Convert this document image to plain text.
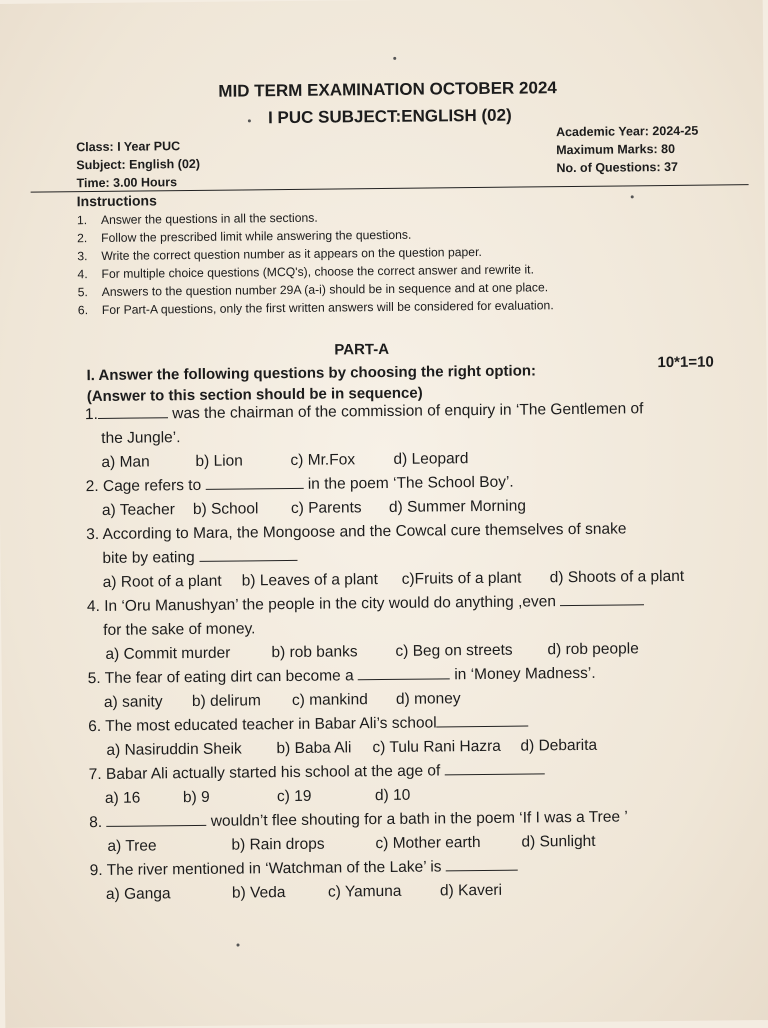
MID TERM EXAMINATION OCTOBER 2024
I PUC SUBJECT:ENGLISH (02)
Class: I Year PUC
Subject: English (02)
Time: 3.00 Hours
Academic Year: 2024-25
Maximum Marks: 80
No. of Questions: 37
Instructions
1. Answer the questions in all the sections.
2. Follow the prescribed limit while answering the questions.
3. Write the correct question number as it appears on the question paper.
4. For multiple choice questions (MCQ's), choose the correct answer and rewrite it.
5. Answers to the question number 29A (a-i) should be in sequence and at one place.
6. For Part-A questions, only the first written answers will be considered for evaluation.
PART-A
I. Answer the following questions by choosing the right option:
(Answer to this section should be in sequence)
10*1=10
1.	was the chairman of the commission of enquiry in ‘The Gentlemen of
the Jungle’.
a) Man	b) Lion	c) Mr.Fox d) Leopard
2. Cage refers to	in the poem ‘The School Boy’.
a) Teacher b) School c) Parents d) Summer Morning
3. According to Mara, the Mongoose and the Cowcal cure themselves of snake
bite by eating
a) Root of a plant b) Leaves of a plant c)Fruits of a plant d) Shoots of a plant
4. In ‘Oru Manushyan’ the people in the city would do anything ,even
for the sake of money.
a) Commit murder	b) rob banks c) Beg on streets d) rob people
5. The fear of eating dirt can become a	in ‘Money Madness’.
a) sanity b) delirum c) mankind d) money
6. The most educated teacher in Babar Ali’s school
a) Nasiruddin Sheik b) Baba Ali c) Tulu Rani Hazra d) Debarita
7. Babar Ali actually started his school at the age of
a) 16	b) 9	c) 19	d) 10
8.	wouldn’t flee shouting for a bath in the poem ‘If I was a Tree ’
a) Tree	b) Rain drops	c) Mother earth	d) Sunlight
9. The river mentioned in ‘Watchman of the Lake’ is
a) Ganga	b) Veda	c) Yamuna d) Kaveri
